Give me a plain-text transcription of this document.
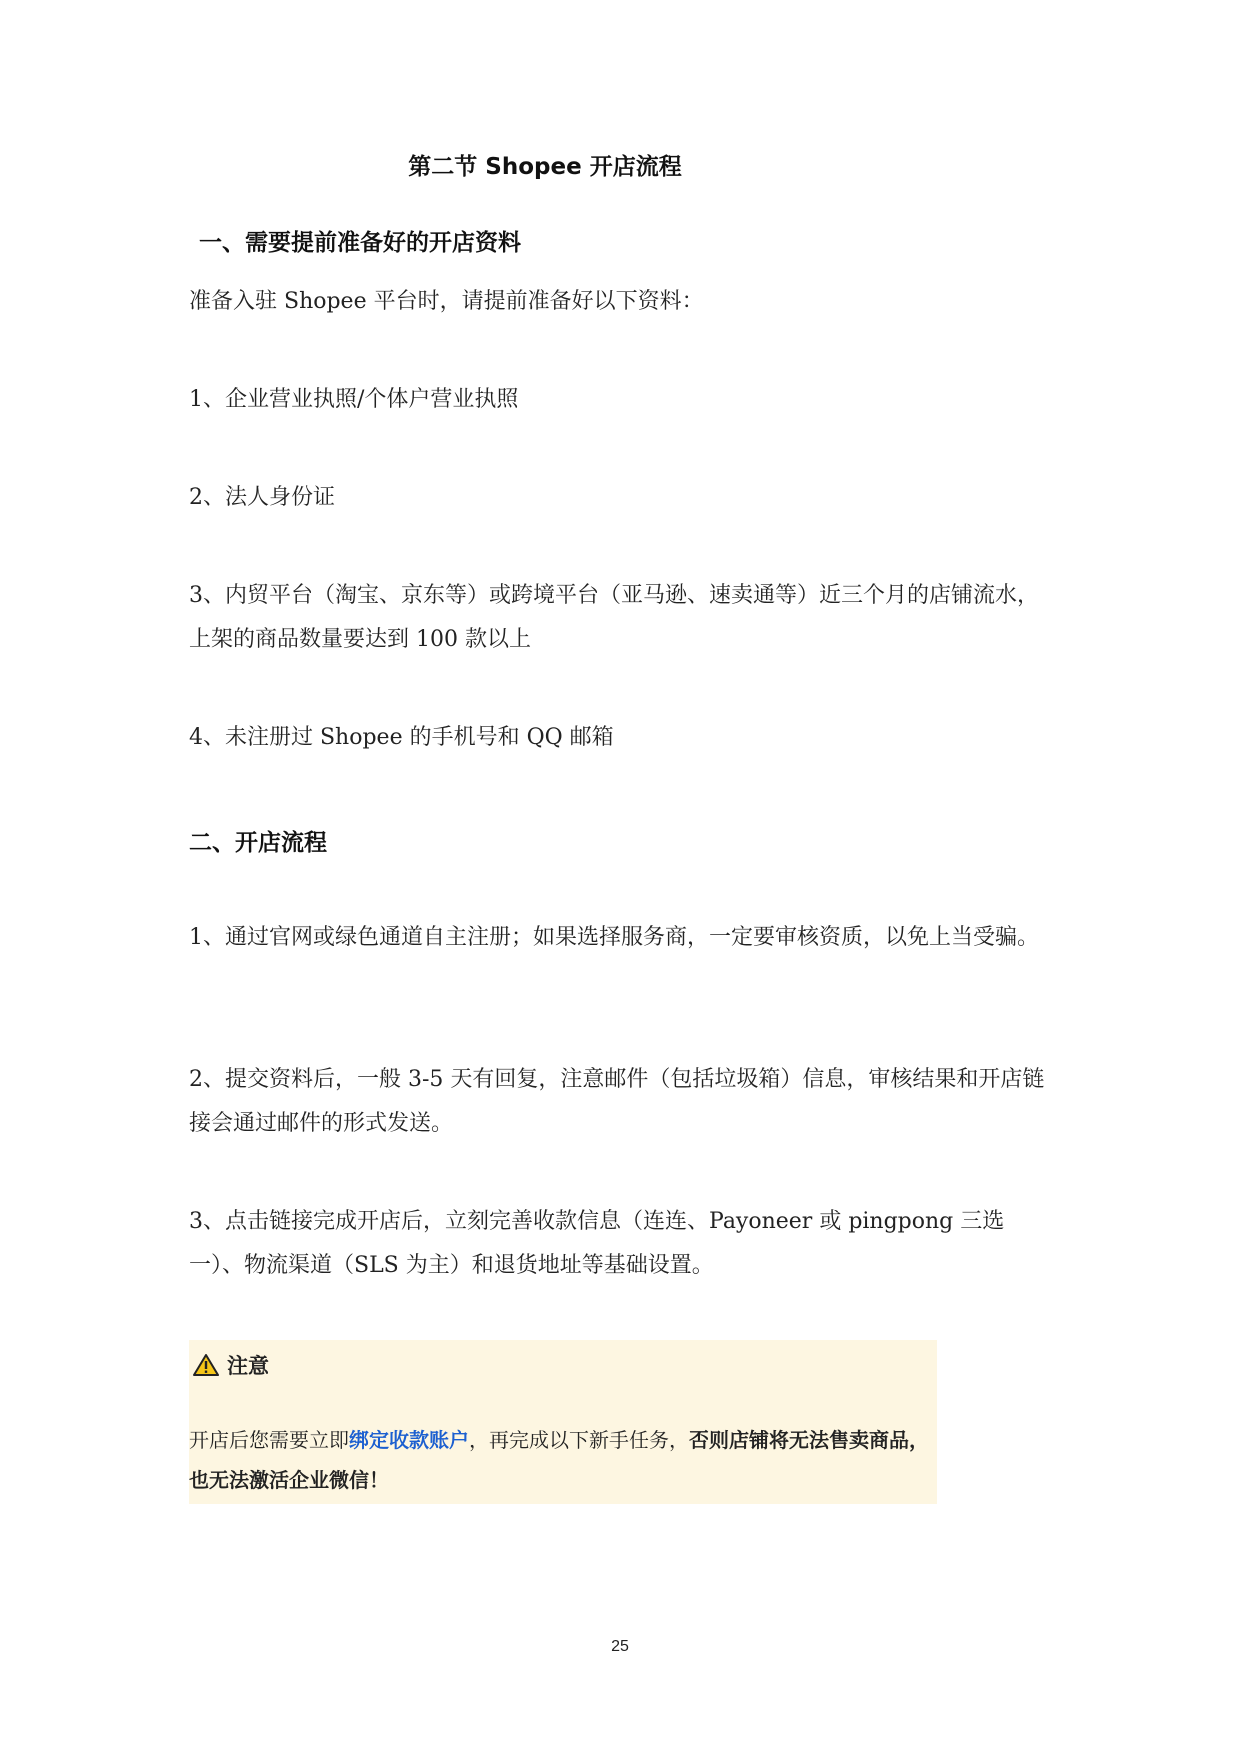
第二节 Shopee 开店流程
一、需要提前准备好的开店资料
准备入驻 Shopee 平台时，请提前准备好以下资料：
1、企业营业执照/个体户营业执照
2、法人身份证
3、内贸平台（淘宝、京东等）或跨境平台（亚马逊、速卖通等）近三个月的店铺流水，上架的商品数量要达到 100 款以上
4、未注册过 Shopee 的手机号和 QQ 邮箱
二、开店流程
1、通过官网或绿色通道自主注册；如果选择服务商，一定要审核资质，以免上当受骗。
2、提交资料后，一般 3-5 天有回复，注意邮件（包括垃圾箱）信息，审核结果和开店链接会通过邮件的形式发送。
3、点击链接完成开店后，立刻完善收款信息（连连、Payoneer 或 pingpong 三选一）、物流渠道（SLS 为主）和退货地址等基础设置。
注意
开店后您需要立即绑定收款账户，再完成以下新手任务，否则店铺将无法售卖商品，也无法激活企业微信！
25
